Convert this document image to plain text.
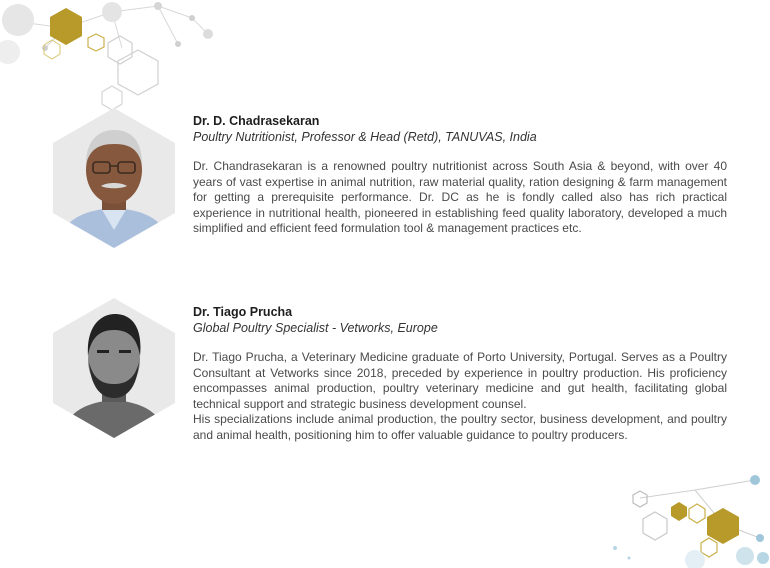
Dr. D. Chadrasekaran
Poultry Nutritionist, Professor & Head (Retd), TANUVAS, India

Dr. Chandrasekaran is a renowned poultry nutritionist across South Asia & beyond, with over 40 years of vast expertise in animal nutrition, raw material quality, ration designing & farm management for getting a prerequisite performance. Dr. DC as he is fondly called also has rich practical experience in nutritional health, pioneered in establishing feed quality laboratory, developed a much simplified and efficient feed formulation tool & management practices etc.

Dr. Tiago Prucha
Global Poultry Specialist - Vetworks, Europe

Dr. Tiago Prucha, a Veterinary Medicine graduate of Porto University, Portugal. Serves as a Poultry Consultant at Vetworks since 2018, preceded by experience in poultry production. His proficiency encompasses animal production, poultry veterinary medicine and gut health, facilitating global technical support and strategic business development counsel.

His specializations include animal production, the poultry sector, business development, and poultry and animal health, positioning him to offer valuable guidance to poultry producers.
